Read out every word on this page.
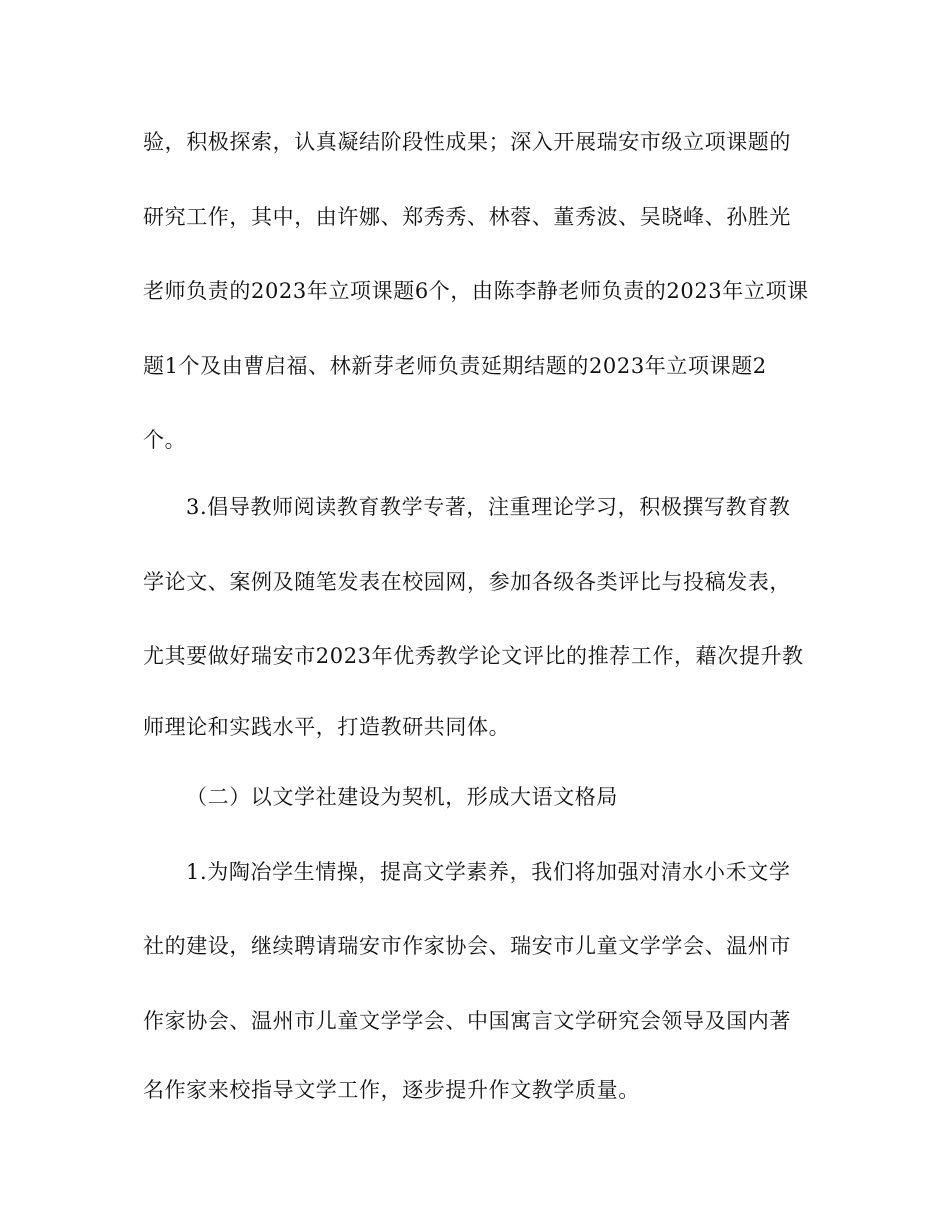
验，积极探索，认真凝结阶段性成果；深入开展瑞安市级立项课题的
研究工作，其中，由许娜、郑秀秀、林蓉、董秀波、吴晓峰、孙胜光
老师负责的2023年立项课题6个，由陈李静老师负责的2023年立项课
题1个及由曹启福、林新芽老师负责延期结题的2023年立项课题2
个。
3.倡导教师阅读教育教学专著，注重理论学习，积极撰写教育教
学论文、案例及随笔发表在校园网，参加各级各类评比与投稿发表，
尤其要做好瑞安市2023年优秀教学论文评比的推荐工作，藉次提升教
师理论和实践水平，打造教研共同体。
（二）以文学社建设为契机，形成大语文格局
1.为陶冶学生情操，提高文学素养，我们将加强对清水小禾文学
社的建设，继续聘请瑞安市作家协会、瑞安市儿童文学学会、温州市
作家协会、温州市儿童文学学会、中国寓言文学研究会领导及国内著
名作家来校指导文学工作，逐步提升作文教学质量。
